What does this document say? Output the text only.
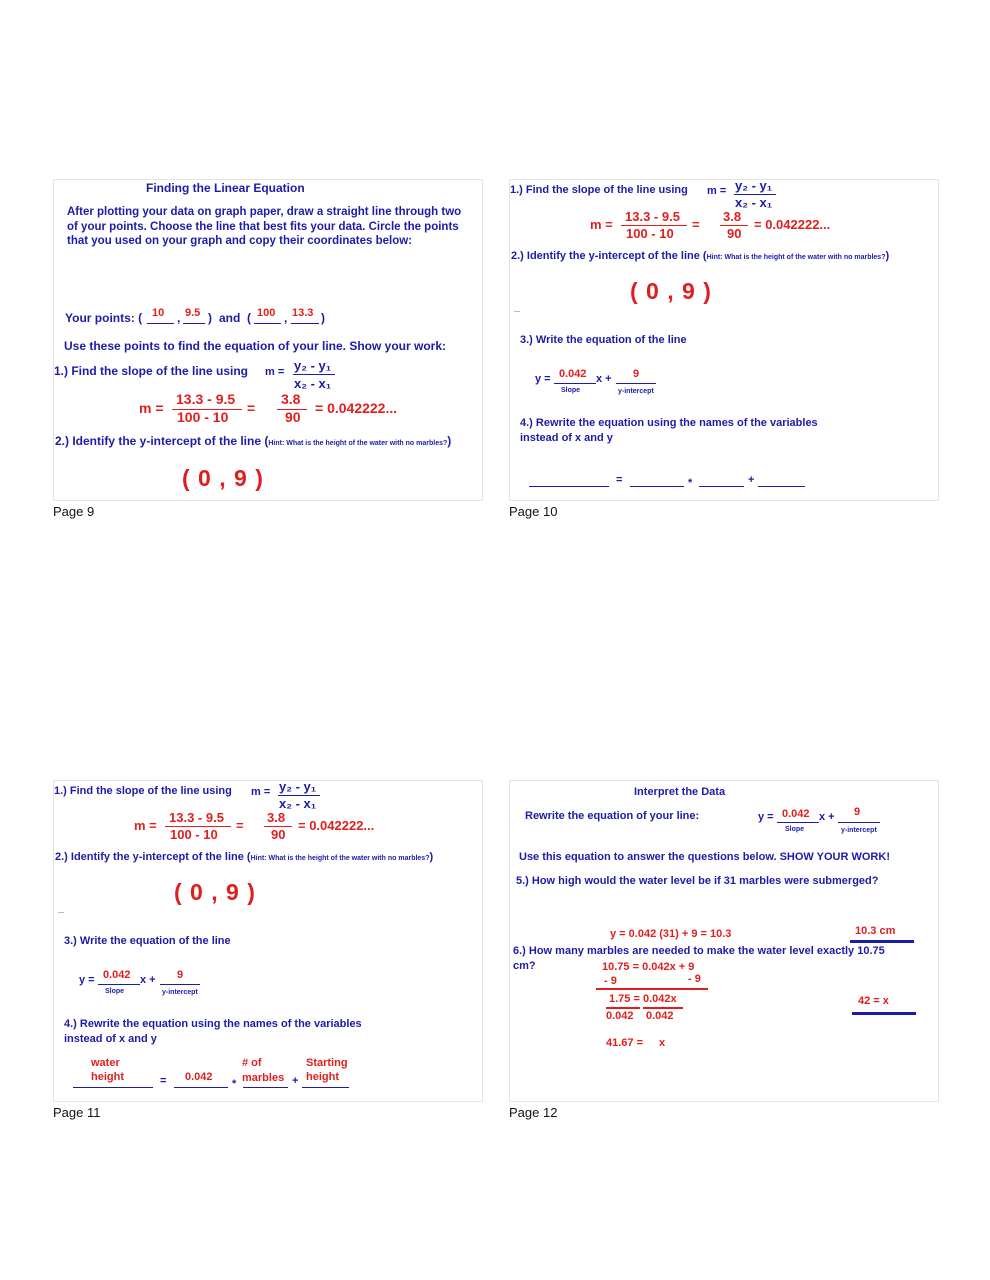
Finding the Linear Equation
After plotting your data on graph paper, draw a straight line through two of your points. Choose the line that best fits your data. Circle the points that you used on your graph and copy their coordinates below:
Your points: ( 10 , 9.5 ) and ( 100 , 13.3 )
Use these points to find the equation of your line. Show your work:
1.) Find the slope of the line using m = y₂ - y₁
x₂ - x₁
m =
13.3 - 9.5
100 - 10
=
3.8
90
= 0.042222...
2.) Identify the y-intercept of the line (Hint: What is the height of the water with no marbles?)
( 0 , 9 )
Page 9
1.) Find the slope of the line using m = y₂ - y₁
x₂ - x₁
m =
13.3 - 9.5
100 - 10
=
3.8
90
= 0.042222...
2.) Identify the y-intercept of the line (Hint: What is the height of the water with no marbles?)
( 0 , 9 )
3.) Write the equation of the line
y = 0.042
Slope
x + 9
y-intercept
4.) Rewrite the equation using the names of the variables
instead of x and y
=	*	+
Page 10
1.) Find the slope of the line using m = y₂ - y₁
x₂ - x₁
m =
13.3 - 9.5
100 - 10
=
3.8
90
= 0.042222...
2.) Identify the y-intercept of the line (Hint: What is the height of the water with no marbles?)
( 0 , 9 )
3.) Write the equation of the line
y = 0.042
Slope
x + 9
y-intercept
4.) Rewrite the equation using the names of the variables
instead of x and y
water
height	= 0.042
*
# of
marbles +
Starting
height
Page 11
Interpret the Data
Rewrite the equation of your line:	y = 0.042
Slope
x + 9
y-intercept
Use this equation to answer the questions below. SHOW YOUR WORK!
5.) How high would the water level be if 31 marbles were submerged?
y = 0.042 (31) + 9 = 10.3	10.3 cm
6.) How many marbles are needed to make the water level exactly 10.75
cm?	10.75 = 0.042x + 9
- 9	- 9
1.75 = 0.042x
0.042 0.042
41.67 = x
42 = x
Page 12
